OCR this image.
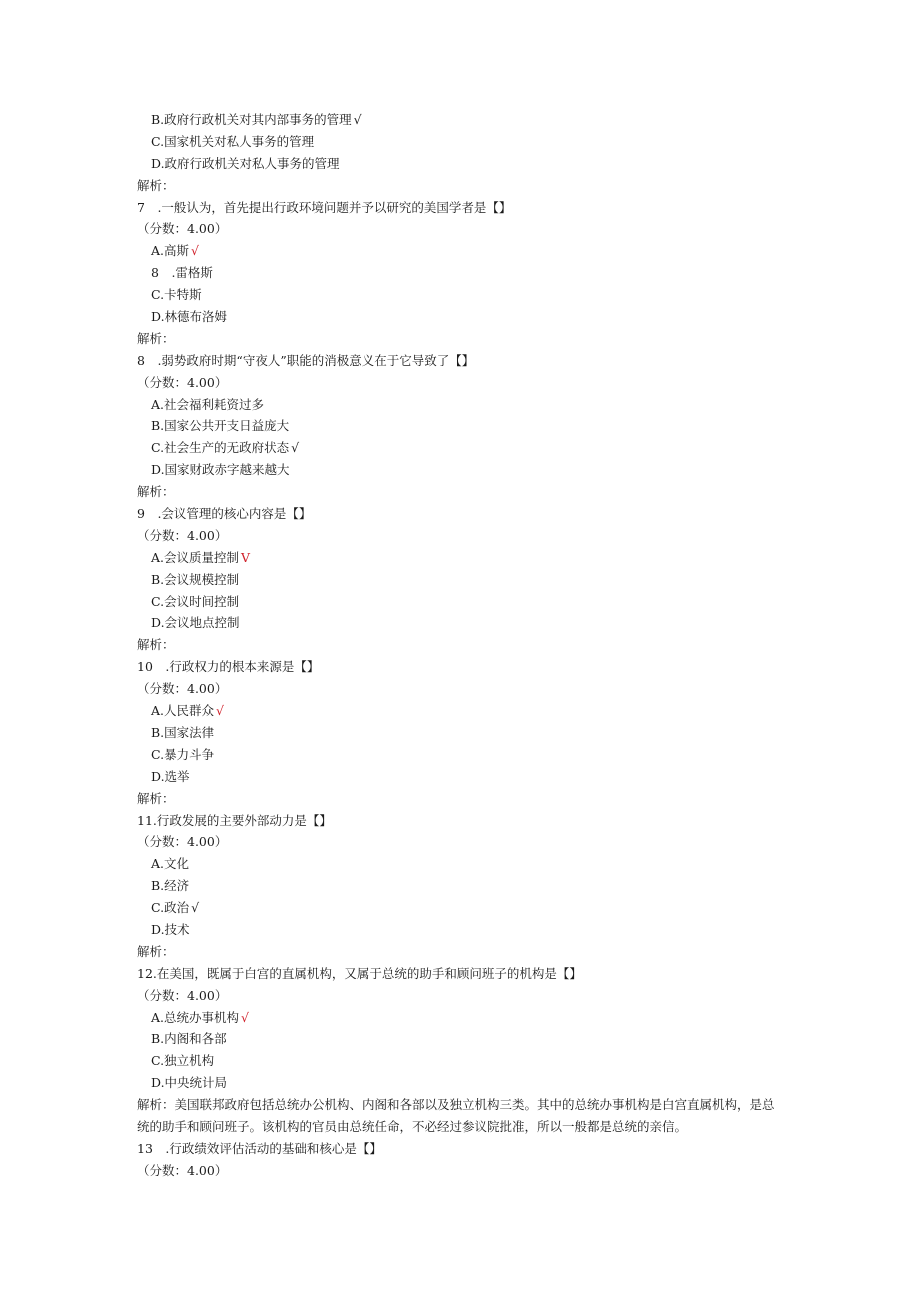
B.政府行政机关对其内部事务的管理 √
C.国家机关对私人事务的管理
D.政府行政机关对私人事务的管理
解析：
7　.一般认为，首先提出行政环境问题并予以研究的美国学者是【】
（分数：4.00）
A.高斯 √
8　.雷格斯
C.卡特斯
D.林德布洛姆
解析：
8　.弱势政府时期“守夜人”职能的消极意义在于它导致了【】
（分数：4.00）
A.社会福利耗资过多
B.国家公共开支日益庞大
C.社会生产的无政府状态 √
D.国家财政赤字越来越大
解析：
9　.会议管理的核心内容是【】
（分数：4.00）
A.会议质量控制 V
B.会议规模控制
C.会议时间控制
D.会议地点控制
解析：
10　.行政权力的根本来源是【】
（分数：4.00）
A.人民群众 √
B.国家法律
C.暴力斗争
D.选举
解析：
11.行政发展的主要外部动力是【】
（分数：4.00）
A.文化
B.经济
C.政治 √
D.技术
解析：
12.在美国，既属于白宫的直属机构，又属于总统的助手和顾问班子的机构是【】
（分数：4.00）
A.总统办事机构 √
B.内阁和各部
C.独立机构
D.中央统计局
解析：美国联邦政府包括总统办公机构、内阁和各部以及独立机构三类。其中的总统办事机构是白宫直属机构，是总统的助手和顾问班子。该机构的官员由总统任命，不必经过参议院批准，所以一般都是总统的亲信。
13　.行政绩效评估活动的基础和核心是【】
（分数：4.00）
